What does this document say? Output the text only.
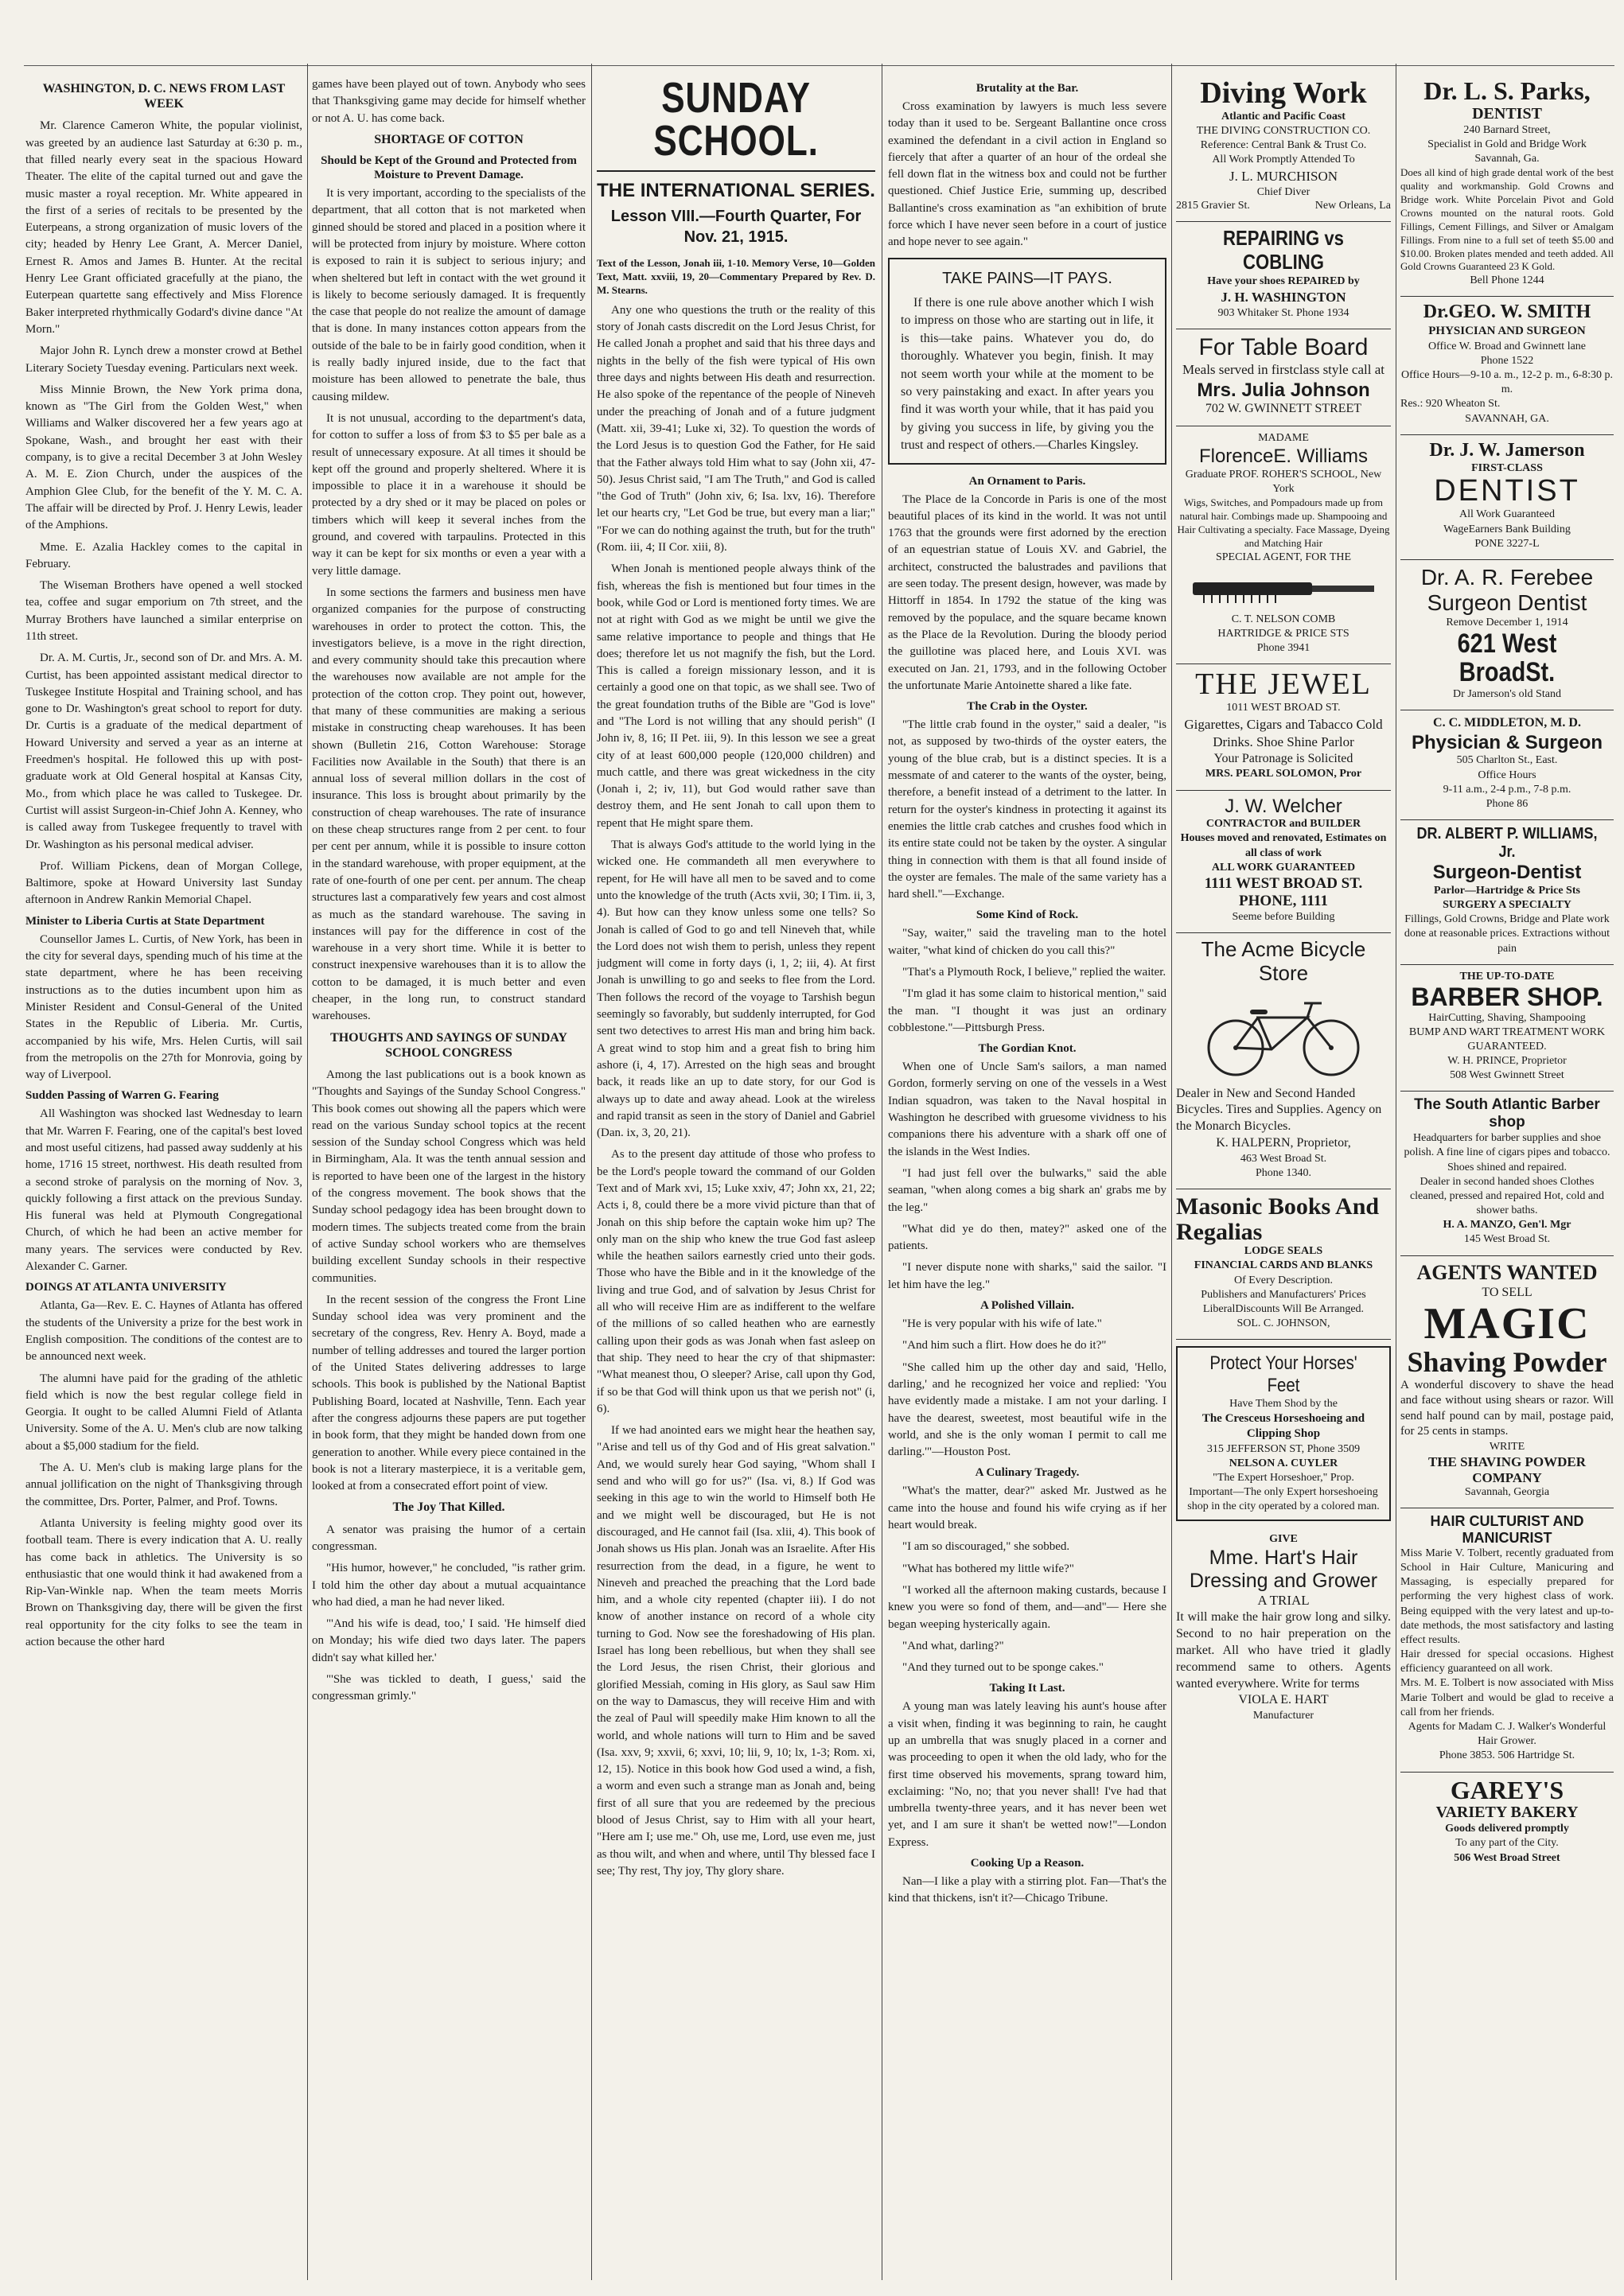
WASHINGTON, D. C. NEWS FROM LAST WEEK

Mr. Clarence Cameron White, the popular violinist, was greeted by an audience last Saturday at 6:30 p. m., that filled nearly every seat in the spacious Howard Theater. The elite of the capital turned out and gave the music master a royal reception. Mr. White appeared in the first of a series of recitals to be presented by the Euterpeans, a strong organization of music lovers of the city; headed by Henry Lee Grant, A. Mercer Daniel, Ernest R. Amos and James B. Hunter. At the recital Henry Lee Grant officiated gracefully at the piano, the Euterpean quartette sang effectively and Miss Florence Baker interpreted rhythmically Godard's divine dance "At Morn."

Major John R. Lynch drew a monster crowd at Bethel Literary Society Tuesday evening. Particulars next week.

Miss Minnie Brown, the New York prima dona, known as "The Girl from the Golden West," when Williams and Walker discovered her a few years ago at Spokane, Wash., and brought her east with their company, is to give a recital December 3 at John Wesley A. M. E. Zion Church, under the auspices of the Amphion Glee Club, for the benefit of the Y. M. C. A. The affair will be directed by Prof. J. Henry Lewis, leader of the Amphions.

Mme. E. Azalia Hackley comes to the capital in February.

The Wiseman Brothers have opened a well stocked tea, coffee and sugar emporium on 7th street, and the Murray Brothers have launched a similar enterprise on 11th street.

Dr. A. M. Curtis, Jr., second son of Dr. and Mrs. A. M. Curtist, has been appointed assistant medical director to Tuskegee Institute Hospital and Training school, and has gone to Dr. Washington's great school to report for duty. Dr. Curtis is a graduate of the medical department of Howard University and served a year as an interne at Freedmen's hospital. He followed this up with post-graduate work at Old General hospital at Kansas City, Mo., from which place he was called to Tuskegee. Dr. Curtist will assist Surgeon-in-Chief John A. Kenney, who is called away from Tuskegee frequently to travel with Dr. Washington as his personal medical adviser.

Prof. William Pickens, dean of Morgan College, Baltimore, spoke at Howard University last Sunday afternoon in Andrew Rankin Memorial Chapel.

Minister to Liberia Curtis at State Department

Counsellor James L. Curtis, of New York, has been in the city for several days, spending much of his time at the state department, where he has been receiving instructions as to the duties incumbent upon him as Minister Resident and Consul-General of the United States in the Republic of Liberia. Mr. Curtis, accompanied by his wife, Mrs. Helen Curtis, will sail from the metropolis on the 27th for Monrovia, going by way of Liverpool.

Sudden Passing of Warren G. Fearing

All Washington was shocked last Wednesday to learn that Mr. Warren F. Fearing, one of the capital's best loved and most useful citizens, had passed away suddenly at his home, 1716 15 street, northwest. His death resulted from a second stroke of paralysis on the morning of Nov. 3, quickly following a first attack on the previous Sunday. His funeral was held at Plymouth Congregational Church, of which he had been an active member for many years. The services were conducted by Rev. Alexander C. Garner.

DOINGS AT ATLANTA UNIVERSITY

Atlanta, Ga—Rev. E. C. Haynes of Atlanta has offered the students of the University a prize for the best work in English composition. The conditions of the contest are to be announced next week.

The alumni have paid for the grading of the athletic field which is now the best regular college field in Georgia. It ought to be called Alumni Field of Atlanta University. Some of the A. U. Men's club are now talking about a $5,000 stadium for the field.

The A. U. Men's club is making large plans for the annual jollification on the night of Thanksgiving through the committee, Drs. Porter, Palmer, and Prof. Towns.

Atlanta University is feeling mighty good over its football team. There is every indication that A. U. really has come back in athletics. The University is so enthusiastic that one would think it had awakened from a Rip-Van-Winkle nap. When the team meets Morris Brown on Thanksgiving day, there will be given the first real opportunity for the city folks to see the team in action because the other hard

games have been played out of town. Anybody who sees that Thanksgiving game may decide for himself whether or not A. U. has come back.

SHORTAGE OF COTTON
Should be Kept of the Ground and Protected from Moisture to Prevent Damage.

It is very important, according to the specialists of the department, that all cotton that is not marketed when ginned should be stored and placed in a position where it will be protected from injury by moisture. Where cotton is exposed to rain it is subject to serious injury; and when sheltered but left in contact with the wet ground it is likely to become seriously damaged. It is frequently the case that people do not realize the amount of damage that is done. In many instances cotton appears from the outside of the bale to be in fairly good condition, when it is really badly injured inside, due to the fact that moisture has been allowed to penetrate the bale, thus causing mildew.

It is not unusual, according to the department's data, for cotton to suffer a loss of from $3 to $5 per bale as a result of unnecessary exposure. At all times it should be kept off the ground and properly sheltered. Where it is impossible to place it in a warehouse it should be protected by a dry shed or it may be placed on poles or timbers which will keep it several inches from the ground, and covered with tarpaulins. Protected in this way it can be kept for six months or even a year with a very little damage.

In some sections the farmers and business men have organized companies for the purpose of constructing warehouses in order to protect the cotton. This, the investigators believe, is a move in the right direction, and every community should take this precaution where the warehouses now available are not ample for the protection of the cotton crop. They point out, however, that many of these communities are making a serious mistake in constructing cheap warehouses. It has been shown (Bulletin 216, Cotton Warehouse: Storage Facilities now Available in the South) that there is an annual loss of several million dollars in the cost of insurance. This loss is brought about primarily by the construction of cheap warehouses. The rate of insurance on these cheap structures range from 2 per cent. to four per cent per annum, while it is possible to insure cotton in the standard warehouse, with proper equipment, at the rate of one-fourth of one per cent. per annum. The cheap structures last a comparatively few years and cost almost as much as the standard warehouse. The saving in instances will pay for the difference in cost of the warehouse in a very short time. While it is better to construct inexpensive warehouses than it is to allow the cotton to be damaged, it is much better and even cheaper, in the long run, to construct standard warehouses.

THOUGHTS AND SAYINGS OF SUNDAY SCHOOL CONGRESS

Among the last publications out is a book known as "Thoughts and Sayings of the Sunday School Congress." This book comes out showing all the papers which were read on the various Sunday school topics at the recent session of the Sunday school Congress which was held in Birmingham, Ala. It was the tenth annual session and is reported to have been one of the largest in the history of the congress movement. The book shows that the Sunday school pedagogy idea has been brought down to modern times. The subjects treated come from the brain of active Sunday school workers who are themselves building excellent Sunday schools in their respective communities.

In the recent session of the congress the Front Line Sunday school idea was very prominent and the secretary of the congress, Rev. Henry A. Boyd, made a number of telling addresses and toured the larger portion of the United States delivering addresses to large schools. This book is published by the National Baptist Publishing Board, located at Nashville, Tenn. Each year after the congress adjourns these papers are put together in book form, that they might be handed down from one generation to another. While every piece contained in the book is not a literary masterpiece, it is a veritable gem, looked at from a consecrated effort point of view.

The Joy That Killed.

A senator was praising the humor of a certain congressman.

"His humor, however," he concluded, "is rather grim. I told him the other day about a mutual acquaintance who had died, a man he had never liked.

"'And his wife is dead, too,' I said. 'He himself died on Monday; his wife died two days later. The papers didn't say what killed her.'

"'She was tickled to death, I guess,' said the congressman grimly."

SUNDAY SCHOOL.
THE INTERNATIONAL SERIES.
Lesson VIII.—Fourth Quarter, For Nov. 21, 1915.

Text of the Lesson, Jonah iii, 1-10. Memory Verse, 10—Golden Text, Matt. xxviii, 19, 20—Commentary Prepared by Rev. D. M. Stearns.

Any one who questions the truth or the reality of this story of Jonah casts discredit on the Lord Jesus Christ, for He called Jonah a prophet and said that his three days and nights in the belly of the fish were typical of His own three days and nights between His death and resurrection. He also spoke of the repentance of the people of Nineveh under the preaching of Jonah and of a future judgment (Matt. xii, 39-41; Luke xi, 32). To question the words of the Lord Jesus is to question God the Father, for He said that the Father always told Him what to say (John xii, 47-50). Jesus Christ said, "I am The Truth," and God is called "the God of Truth" (John xiv, 6; Isa. lxv, 16). Therefore let our hearts cry, "Let God be true, but every man a liar;" "For we can do nothing against the truth, but for the truth" (Rom. iii, 4; II Cor. xiii, 8).

When Jonah is mentioned people always think of the fish, whereas the fish is mentioned but four times in the book, while God or Lord is mentioned forty times. We are not at right with God as we might be until we give the same relative importance to people and things that He does; therefore let us not magnify the fish, but the Lord. This is called a foreign missionary lesson, and it is certainly a good one on that topic, as we shall see. Two of the great foundation truths of the Bible are "God is love" and "The Lord is not willing that any should perish" (I John iv, 8, 16; II Pet. iii, 9). In this lesson we see a great city of at least 600,000 people (120,000 children) and much cattle, and there was great wickedness in the city (Jonah i, 2; iv, 11), but God would rather save than destroy them, and He sent Jonah to call upon them to repent that He might spare them.

That is always God's attitude to the world lying in the wicked one. He commandeth all men everywhere to repent, for He will have all men to be saved and to come unto the knowledge of the truth (Acts xvii, 30; I Tim. ii, 3, 4). But how can they know unless some one tells? So Jonah is called of God to go and tell Nineveh that, while the Lord does not wish them to perish, unless they repent judgment will come in forty days (i, 1, 2; iii, 4). At first Jonah is unwilling to go and seeks to flee from the Lord. Then follows the record of the voyage to Tarshish begun seemingly so favorably, but suddenly interrupted, for God sent two detectives to arrest His man and bring him back. A great wind to stop him and a great fish to bring him ashore (i, 4, 17). Arrested on the high seas and brought back, it reads like an up to date story, for our God is always up to date and away ahead. Look at the wireless and rapid transit as seen in the story of Daniel and Gabriel (Dan. ix, 3, 20, 21).

As to the present day attitude of those who profess to be the Lord's people toward the command of our Golden Text and of Mark xvi, 15; Luke xxiv, 47; John xx, 21, 22; Acts i, 8, could there be a more vivid picture than that of Jonah on this ship before the captain woke him up? The only man on the ship who knew the true God fast asleep while the heathen sailors earnestly cried unto their gods. Those who have the Bible and in it the knowledge of the living and true God, and of salvation by Jesus Christ for all who will receive Him are as indifferent to the welfare of the millions of so called heathen who are earnestly calling upon their gods as was Jonah when fast asleep on that ship. They need to hear the cry of that shipmaster: "What meanest thou, O sleeper? Arise, call upon thy God, if so be that God will think upon us that we perish not" (i, 6).

If we had anointed ears we might hear the heathen say, "Arise and tell us of thy God and of His great salvation." And, we would surely hear God saying, "Whom shall I send and who will go for us?" (Isa. vi, 8.) If God was seeking in this age to win the world to Himself both He and we might well be discouraged, but He is not discouraged, and He cannot fail (Isa. xlii, 4). This book of Jonah shows us His plan. Jonah was an Israelite. After His resurrection from the dead, in a figure, he went to Nineveh and preached the preaching that the Lord bade him, and a whole city repented (chapter iii). I do not know of another instance on record of a whole city turning to God. Now see the foreshadowing of His plan. Israel has long been rebellious, but when they shall see the Lord Jesus, the risen Christ, their glorious and glorified Messiah, coming in His glory, as Saul saw Him on the way to Damascus, they will receive Him and with the zeal of Paul will speedily make Him known to all the world, and whole nations will turn to Him and be saved (Isa. xxv, 9; xxvii, 6; xxvi, 10; lii, 9, 10; lx, 1-3; Rom. xi, 12, 15). Notice in this book how God used a wind, a fish, a worm and even such a strange man as Jonah and, being first of all sure that you are redeemed by the precious blood of Jesus Christ, say to Him with all your heart, "Here am I; use me." Oh, use me, Lord, use even me, just as thou wilt, and when and where, until Thy blessed face I see; Thy rest, Thy joy, Thy glory share.

Brutality at the Bar.

Cross examination by lawyers is much less severe today than it used to be. Sergeant Ballantine once cross examined the defendant in a civil action in England so fiercely that after a quarter of an hour of the ordeal she fell down flat in the witness box and could not be further questioned. Chief Justice Erie, summing up, described Ballantine's cross examination as "an exhibition of brute force which I have never seen before in a court of justice and hope never to see again."

TAKE PAINS—IT PAYS.
If there is one rule above another which I wish to impress on those who are starting out in life, it is this—take pains. Whatever you do, do thoroughly. Whatever you begin, finish. It may not seem worth your while at the moment to be so very painstaking and exact. In after years you find it was worth your while, that it has paid you by giving you success in life, by giving you the trust and respect of others.—Charles Kingsley.
An Ornament to Paris.

The Place de la Concorde in Paris is one of the most beautiful places of its kind in the world. It was not until 1763 that the grounds were first adorned by the erection of an equestrian statue of Louis XV. and Gabriel, the architect, constructed the balustrades and pavilions that are seen today. The present design, however, was made by Hittorff in 1854. In 1792 the statue of the king was removed by the populace, and the square became known as the Place de la Revolution. During the bloody period the guillotine was placed here, and Louis XVI. was executed on Jan. 21, 1793, and in the following October the unfortunate Marie Antoinette shared a like fate.

The Crab in the Oyster.

"The little crab found in the oyster," said a dealer, "is not, as supposed by two-thirds of the oyster eaters, the young of the blue crab, but is a distinct species. It is a messmate of and caterer to the wants of the oyster, being, therefore, a benefit instead of a detriment to the latter. In return for the oyster's kindness in protecting it against its enemies the little crab catches and crushes food which in its entire state could not be taken by the oyster. A singular thing in connection with them is that all found inside of the oyster are females. The male of the same variety has a hard shell."—Exchange.

Some Kind of Rock.

"Say, waiter," said the traveling man to the hotel waiter, "what kind of chicken do you call this?"

"That's a Plymouth Rock, I believe," replied the waiter.

"I'm glad it has some claim to historical mention," said the man. "I thought it was just an ordinary cobblestone."—Pittsburgh Press.

The Gordian Knot.

When one of Uncle Sam's sailors, a man named Gordon, formerly serving on one of the vessels in a West Indian squadron, was taken to the Naval hospital in Washington he described with gruesome vividness to his companions there his adventure with a shark off one of the islands in the West Indies.

"I had just fell over the bulwarks," said the able seaman, "when along comes a big shark an' grabs me by the leg."

"What did ye do then, matey?" asked one of the patients.

"I never dispute none with sharks," said the sailor. "I let him have the leg."

A Polished Villain.

"He is very popular with his wife of late."

"And him such a flirt. How does he do it?"

"She called him up the other day and said, 'Hello, darling,' and he recognized her voice and replied: 'You have evidently made a mistake. I am not your darling. I have the dearest, sweetest, most beautiful wife in the world, and she is the only woman I permit to call me darling.'"—Houston Post.

A Culinary Tragedy.

"What's the matter, dear?" asked Mr. Justwed as he came into the house and found his wife crying as if her heart would break.

"I am so discouraged," she sobbed.

"What has bothered my little wife?"

"I worked all the afternoon making custards, because I knew you were so fond of them, and—and"— Here she began weeping hysterically again.

"And what, darling?"

"And they turned out to be sponge cakes."

Taking It Last.

A young man was lately leaving his aunt's house after a visit when, finding it was beginning to rain, he caught up an umbrella that was snugly placed in a corner and was proceeding to open it when the old lady, who for the first time observed his movements, sprang toward him, exclaiming: "No, no; that you never shall! I've had that umbrella twenty-three years, and it has never been wet yet, and I am sure it shan't be wetted now!"—London Express.

Cooking Up a Reason.

Nan—I like a play with a stirring plot. Fan—That's the kind that thickens, isn't it?—Chicago Tribune.

Diving Work
Atlantic and Pacific Coast
THE DIVING CONSTRUCTION CO.
Reference: Central Bank & Trust Co.
All Work Promptly Attended To
J. L. MURCHISON
Chief Diver
2815 Gravier St.	New Orleans, La
REPAIRING vs COBLING
Have your shoes REPAIRED by
J. H. WASHINGTON
903 Whitaker St. Phone 1934
For Table Board
Meals served in firstclass style call at
Mrs. Julia Johnson
702 W. GWINNETT STREET
MADAME
FlorenceE. Williams
Graduate PROF. ROHER'S SCHOOL, New York
Wigs, Switches, and Pompadours made up from natural hair. Combings made up. Shampooing and Hair Cultivating a specialty. Face Massage, Dyeing and Matching Hair
SPECIAL AGENT, FOR THE
C. T. NELSON COMB
HARTRIDGE & PRICE STS
Phone 3941
THE JEWEL
1011 WEST BROAD ST.
Gigarettes, Cigars and Tabacco Cold Drinks. Shoe Shine Parlor
Your Patronage is Solicited
MRS. PEARL SOLOMON, Pror
J. W. Welcher
CONTRACTOR and BUILDER
Houses moved and renovated, Estimates on all class of work
ALL WORK GUARANTEED
1111 WEST BROAD ST.
PHONE, 1111
Seeme before Building
The Acme Bicycle Store
Dealer in New and Second Handed Bicycles. Tires and Supplies. Agency on the Monarch Bicycles.
K. HALPERN, Proprietor,
463 West Broad St.
Phone 1340.
Masonic Books And Regalias
LODGE SEALS
FINANCIAL CARDS AND BLANKS
Of Every Description.
Publishers and Manufacturers' Prices
LiberalDiscounts Will Be Arranged.
SOL. C. JOHNSON,
Protect Your Horses' Feet
Have Them Shod by the
The Cresceus Horseshoeing and Clipping Shop
315 JEFFERSON ST, Phone 3509
NELSON A. CUYLER
"The Expert Horseshoer," Prop.
Important—The only Expert horseshoeing shop in the city operated by a colored man.
GIVE
Mme. Hart's Hair Dressing and Grower
A TRIAL
It will make the hair grow long and silky. Second to no hair preperation on the market. All who have tried it gladly recommend same to others. Agents wanted everywhere. Write for terms
VIOLA E. HART
Manufacturer
Dr. L. S. Parks,
DENTIST
240 Barnard Street,
Specialist in Gold and Bridge Work
Savannah, Ga.
Does all kind of high grade dental work of the best quality and workmanship. Gold Crowns and Bridge work. White Porcelain Pivot and Gold Crowns mounted on the natural roots. Gold Fillings, Cement Fillings, and Silver or Amalgam Fillings. From nine to a full set of teeth $5.00 and $10.00. Broken plates mended and teeth added. All Gold Crowns Guaranteed 23 K Gold.
Bell Phone 1244
Dr.GEO. W. SMITH
PHYSICIAN AND SURGEON
Office W. Broad and Gwinnett lane
Phone 1522
Office Hours—9-10 a. m., 12-2 p. m., 6-8:30 p. m.
Res.: 920 Wheaton St.
SAVANNAH, GA.
Dr. J. W. Jamerson
FIRST-CLASS
DENTIST
All Work Guaranteed
WageEarners Bank Building
PONE 3227-L
Dr. A. R. Ferebee
Surgeon Dentist
Remove December 1, 1914
621 West BroadSt.
Dr Jamerson's old Stand
C. C. MIDDLETON, M. D.
Physician & Surgeon
505 Charlton St., East.
Office Hours
9-11 a.m., 2-4 p.m., 7-8 p.m.
Phone 86
DR. ALBERT P. WILLIAMS, Jr.
Surgeon-Dentist
Parlor—Hartridge & Price Sts
SURGERY A SPECIALTY
Fillings, Gold Crowns, Bridge and Plate work done at reasonable prices. Extractions without pain
THE UP-TO-DATE
BARBER SHOP.
HairCutting, Shaving, Shampooing
BUMP AND WART TREATMENT WORK GUARANTEED.
W. H. PRINCE, Proprietor
508 West Gwinnett Street
The South Atlantic Barber shop
Headquarters for barber supplies and shoe polish. A fine line of cigars pipes and tobacco. Shoes shined and repaired.
Dealer in second handed shoes Clothes cleaned, pressed and repaired Hot, cold and shower baths.
H. A. MANZO, Gen'l. Mgr
145 West Broad St.
AGENTS WANTED
TO SELL
MAGIC
Shaving Powder
A wonderful discovery to shave the head and face without using shears or razor. Will send half pound can by mail, postage paid, for 25 cents in stamps.
WRITE
THE SHAVING POWDER COMPANY
Savannah, Georgia
HAIR CULTURIST AND MANICURIST
Miss Marie V. Tolbert, recently graduated from School in Hair Culture, Manicuring and Massaging, is especially prepared for performing the very highest class of work. Being equipped with the very latest and up-to-date methods, the most satisfactory and lasting effect results.
Hair dressed for special occasions. Highest efficiency guaranteed on all work.
Mrs. M. E. Tolbert is now associated with Miss Marie Tolbert and would be glad to receive a call from her friends.
Agents for Madam C. J. Walker's Wonderful Hair Grower.
Phone 3853. 506 Hartridge St.
GAREY'S
VARIETY BAKERY
Goods delivered promptly
To any part of the City.
506 West Broad Street
